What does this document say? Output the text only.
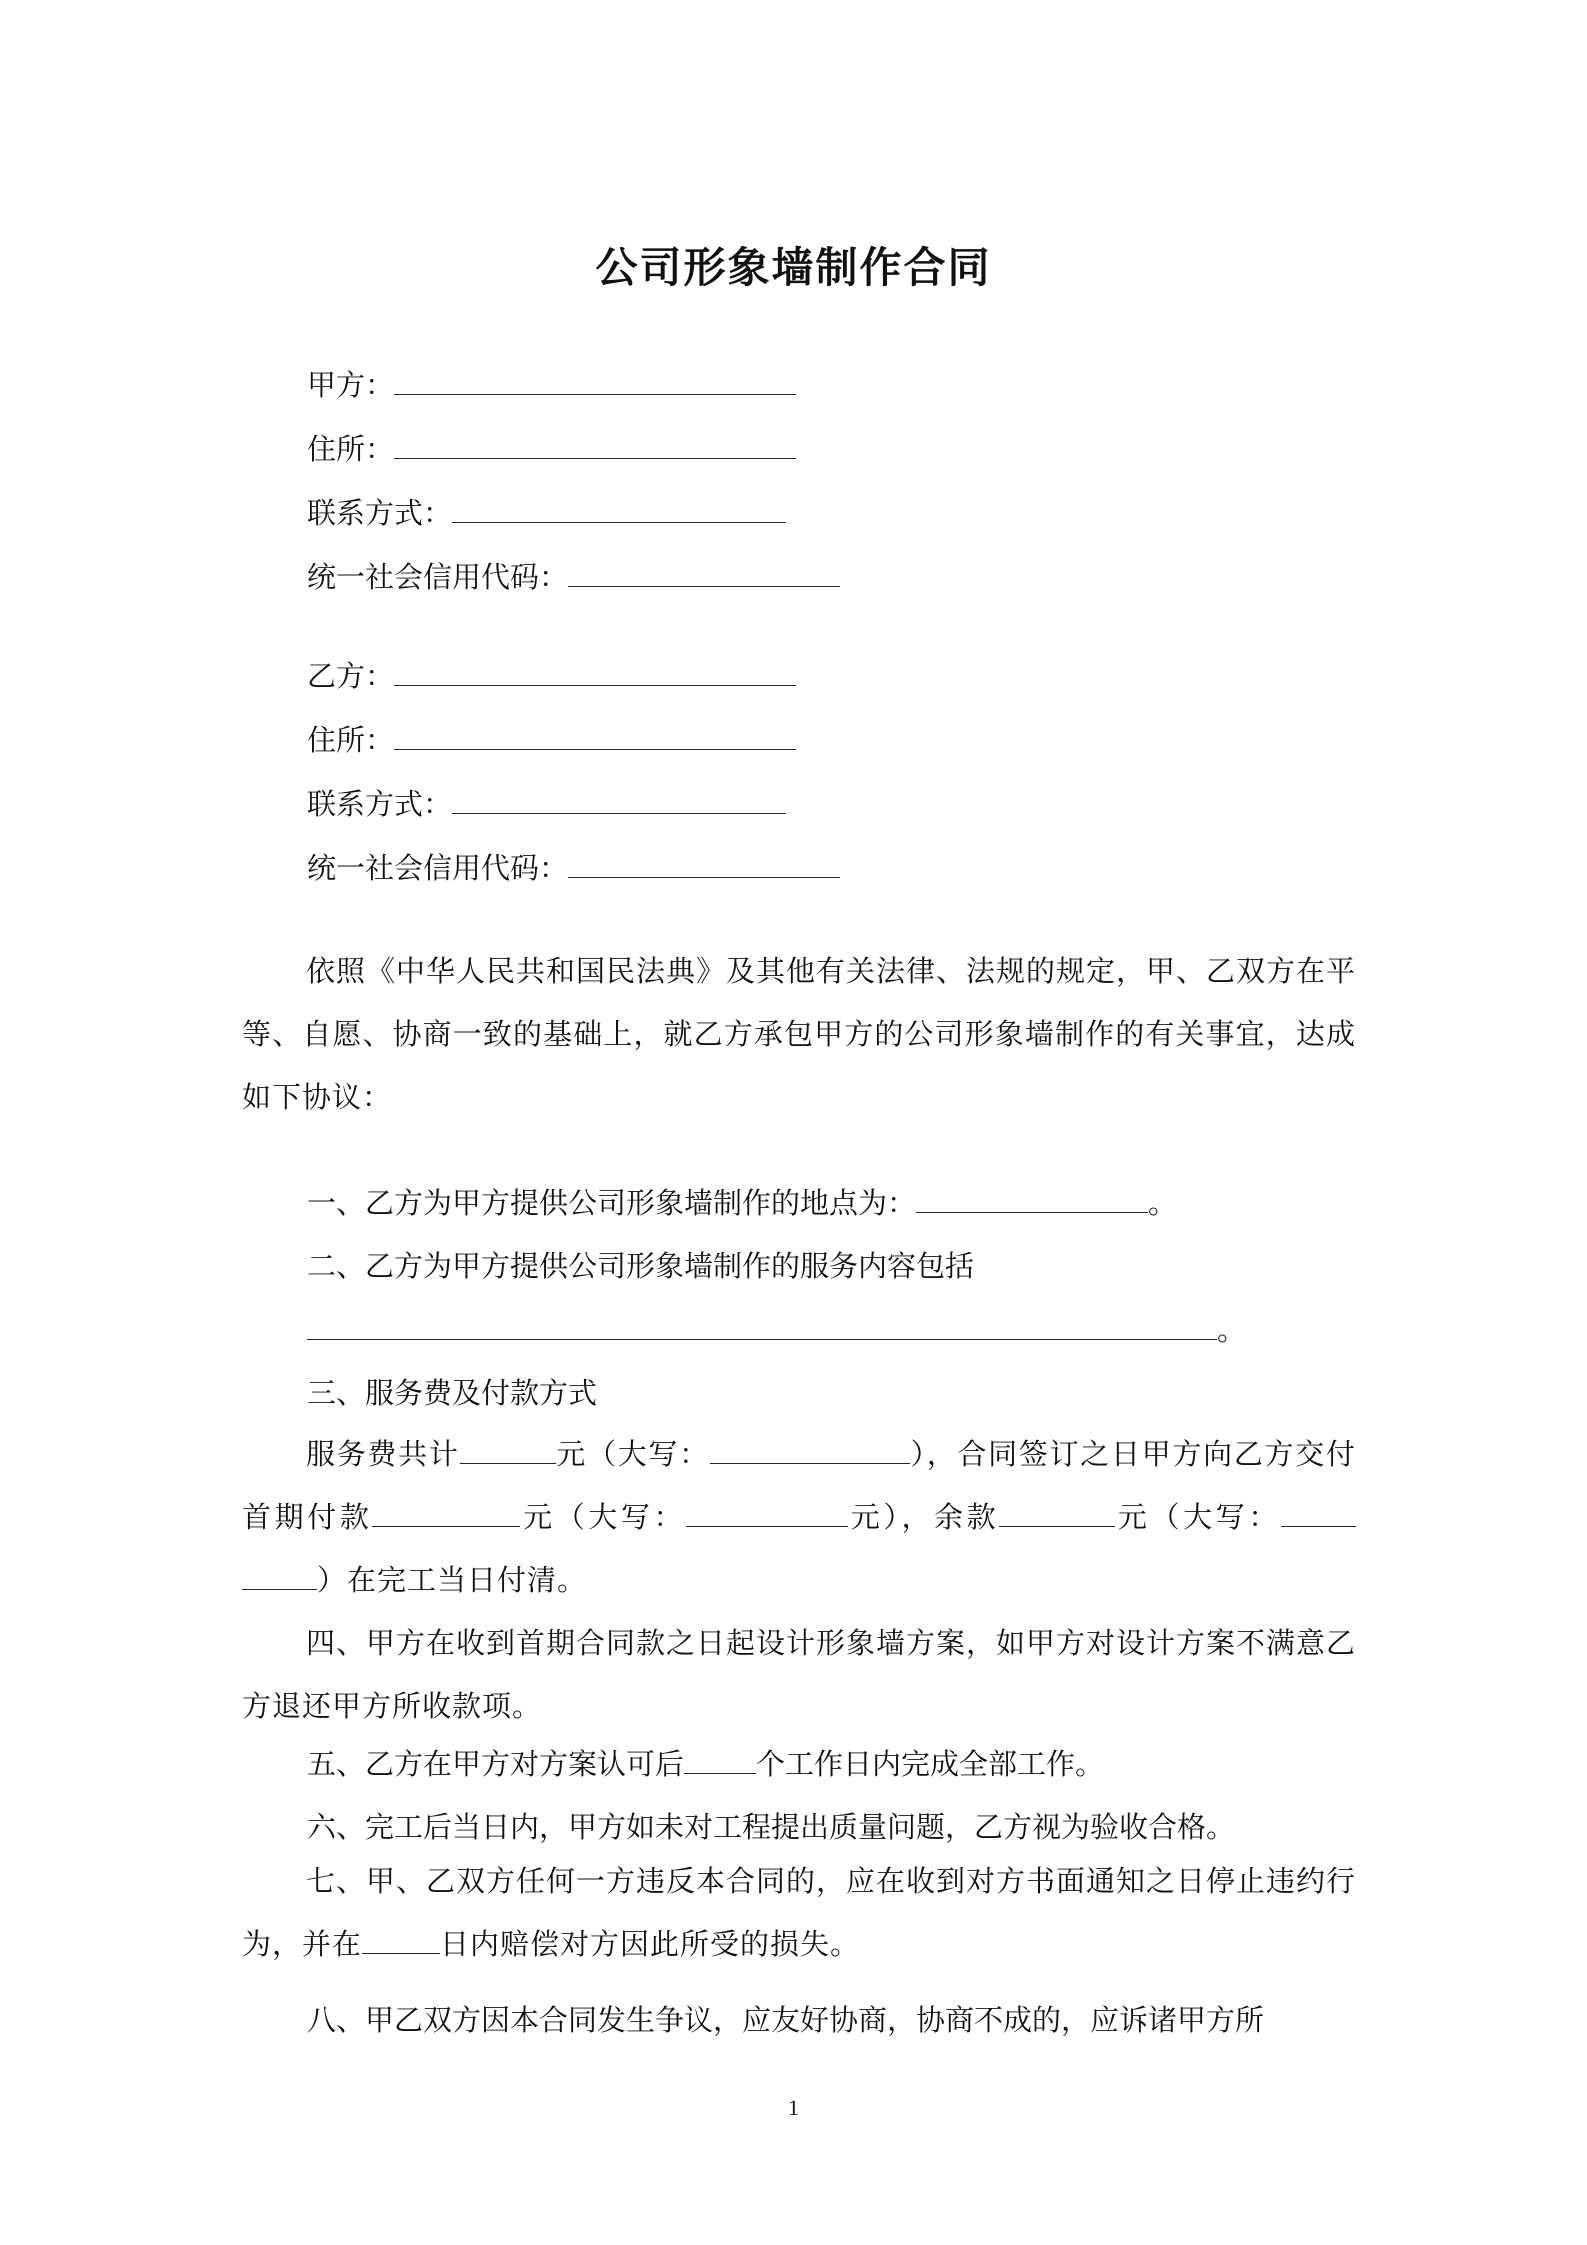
公司形象墙制作合同
甲方：
住所：
联系方式：
统一社会信用代码：
乙方：
住所：
联系方式：
统一社会信用代码：

依照《中华人民共和国民法典》及其他有关法律、法规的规定，甲、乙双方在平等、自愿、协商一致的基础上，就乙方承包甲方的公司形象墙制作的有关事宜，达成如下协议：

一、乙方为甲方提供公司形象墙制作的地点为：	。
二、乙方为甲方提供公司形象墙制作的服务内容包括
。
三、服务费及付款方式

服务费共计	元（大写：	），合同签订之日甲方向乙方交付首期付款	元（大写：	元），余款	元（大写：）在完工当日付清。

四、甲方在收到首期合同款之日起设计形象墙方案，如甲方对设计方案不满意乙方退还甲方所收款项。

五、乙方在甲方对方案认可后 个工作日内完成全部工作。
六、完工后当日内，甲方如未对工程提出质量问题，乙方视为验收合格。

七、甲、乙双方任何一方违反本合同的，应在收到对方书面通知之日停止违约行为，并在	日内赔偿对方因此所受的损失。

八、甲乙双方因本合同发生争议，应友好协商，协商不成的，应诉诸甲方所
1
